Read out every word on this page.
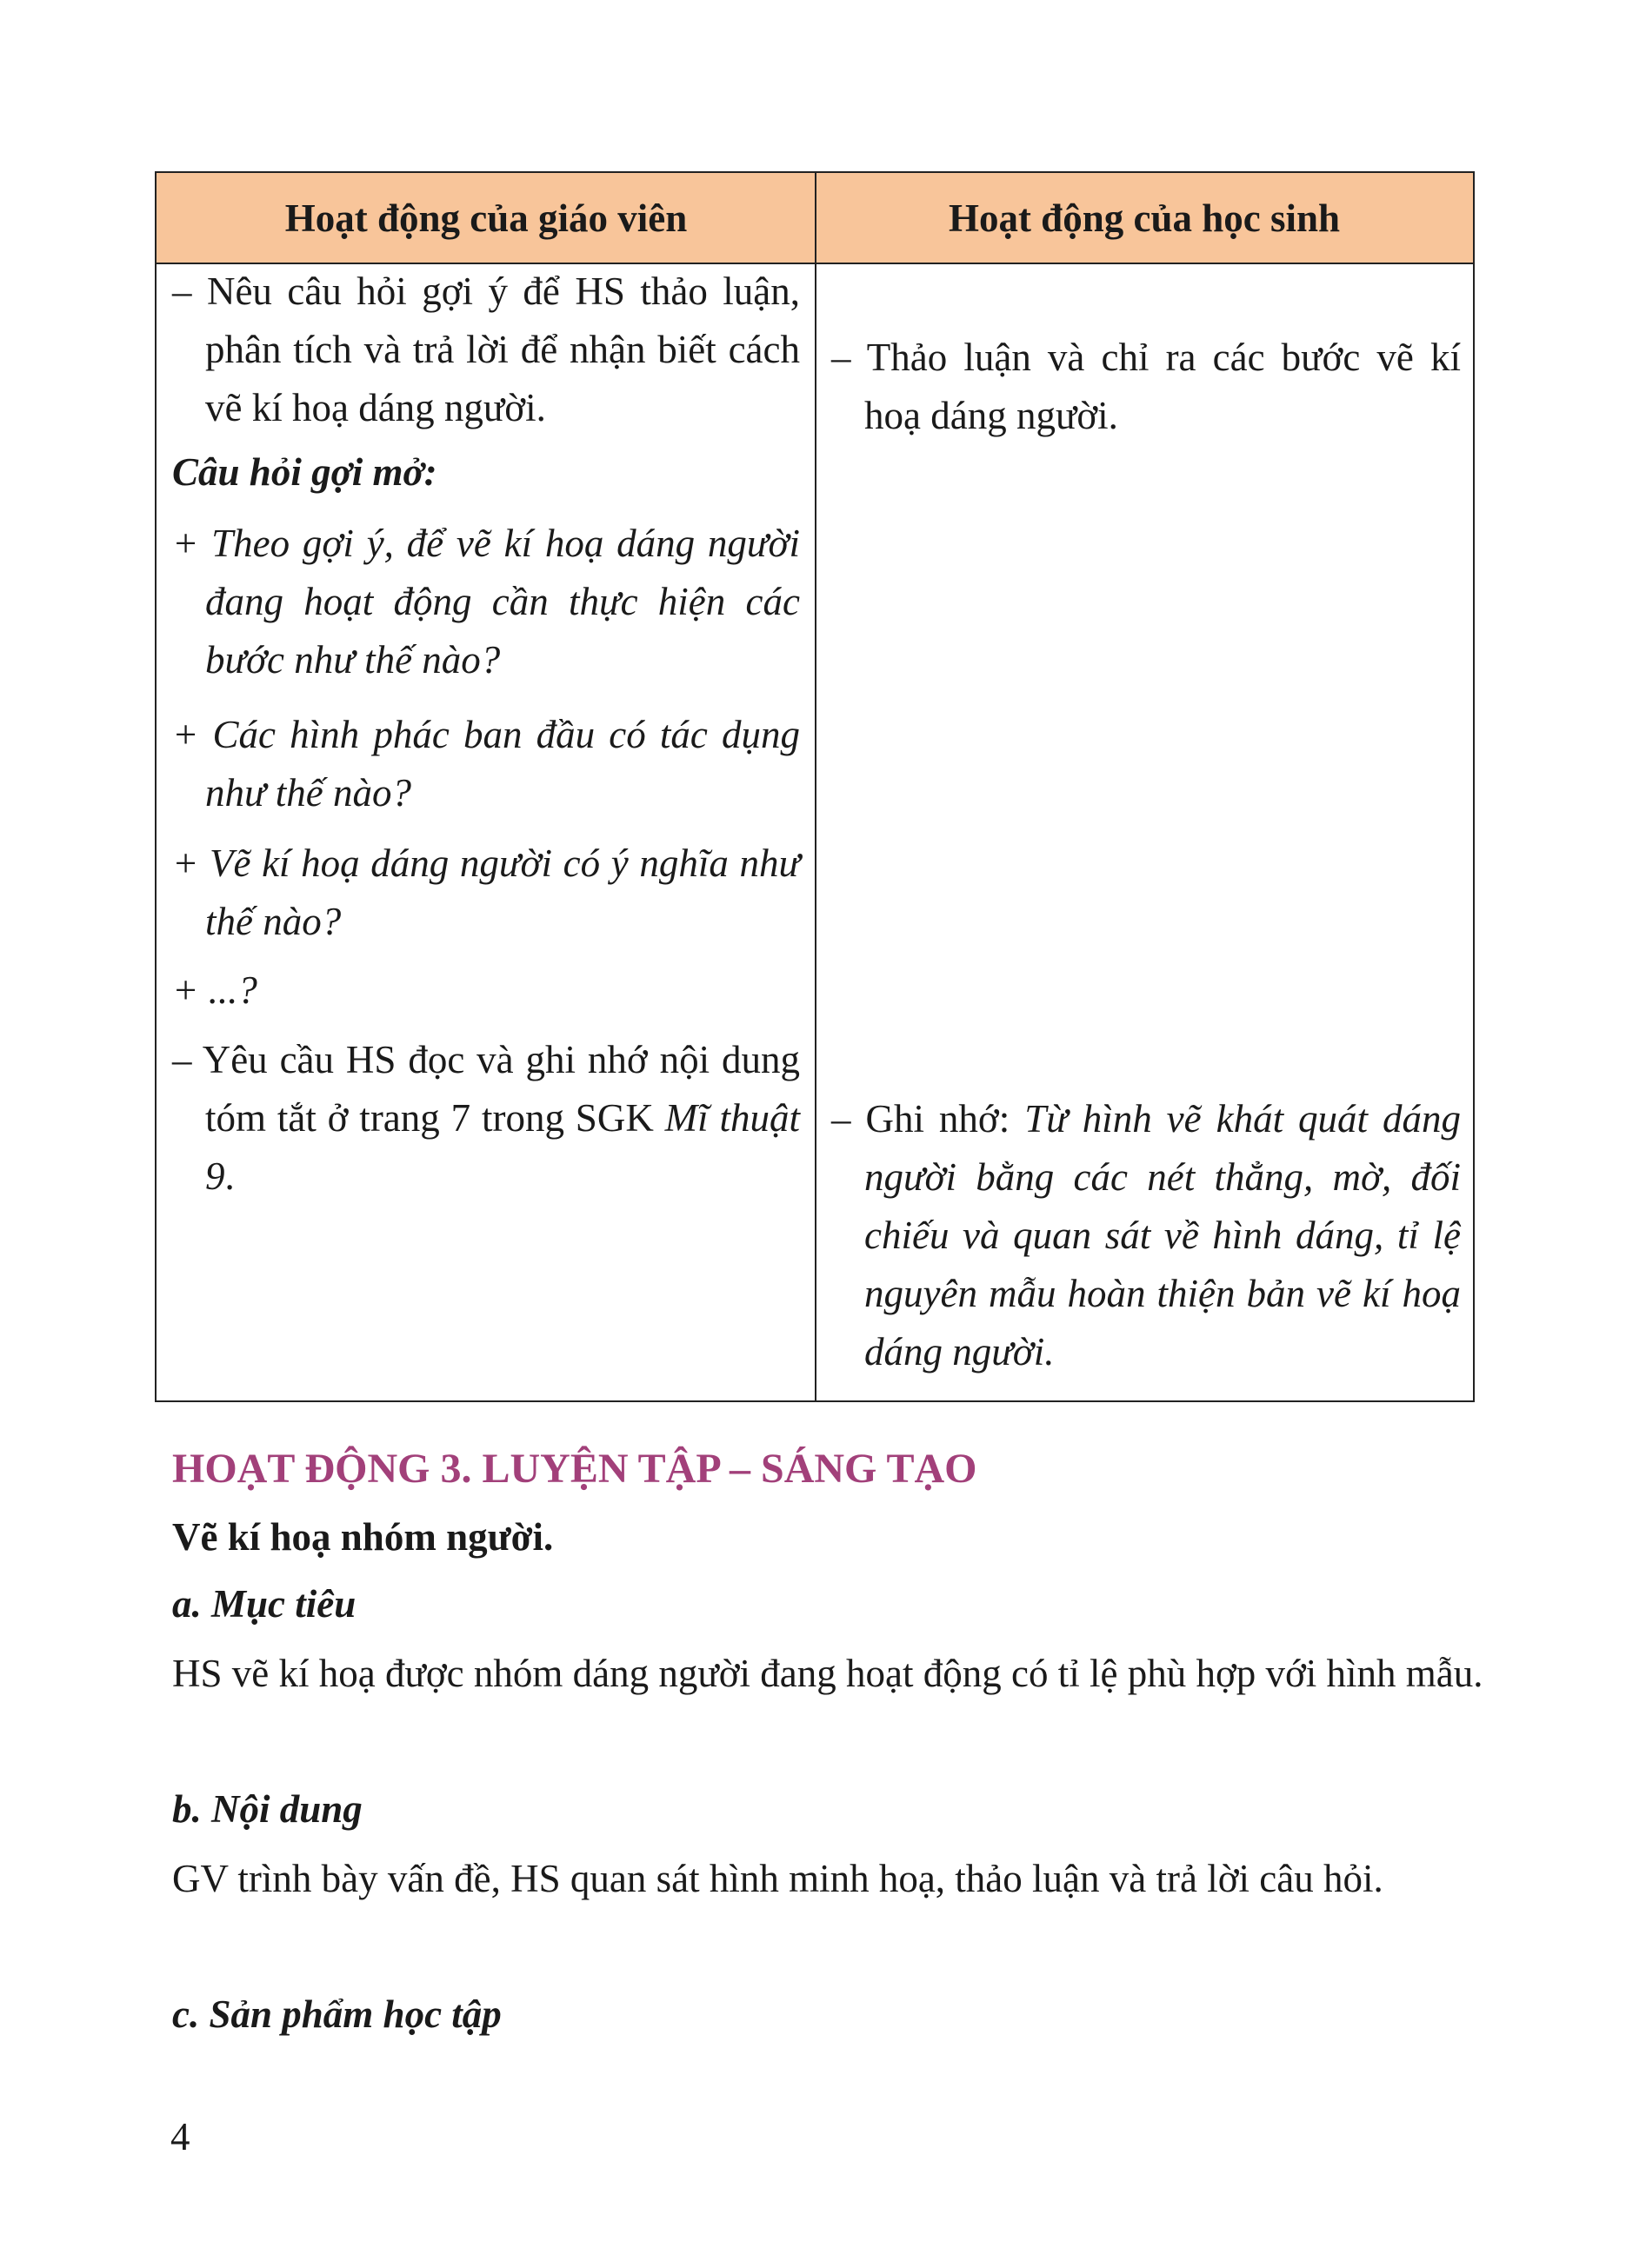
Hoạt động của giáo viên	Hoạt động của học sinh
– Nêu câu hỏi gợi ý để HS thảo luận, phân tích và trả lời để nhận biết cách vẽ kí hoạ dáng người.
Câu hỏi gợi mở:
+ Theo gợi ý, để vẽ kí hoạ dáng người đang hoạt động cần thực hiện các bước như thế nào?
+ Các hình phác ban đầu có tác dụng như thế nào?
+ Vẽ kí hoạ dáng người có ý nghĩa như thế nào?
+ ...?
– Yêu cầu HS đọc và ghi nhớ nội dung tóm tắt ở trang 7 trong SGK Mĩ thuật 9.
– Thảo luận và chỉ ra các bước vẽ kí hoạ dáng người.
– Ghi nhớ: Từ hình vẽ khát quát dáng người bằng các nét thẳng, mờ, đối chiếu và quan sát về hình dáng, tỉ lệ nguyên mẫu hoàn thiện bản vẽ kí hoạ dáng người.
HOẠT ĐỘNG 3. LUYỆN TẬP – SÁNG TẠO
Vẽ kí hoạ nhóm người.
a. Mục tiêu
HS vẽ kí hoạ được nhóm dáng người đang hoạt động có tỉ lệ phù hợp với hình mẫu.
b. Nội dung
GV trình bày vấn đề, HS quan sát hình minh hoạ, thảo luận và trả lời câu hỏi.
c. Sản phẩm học tập
4
